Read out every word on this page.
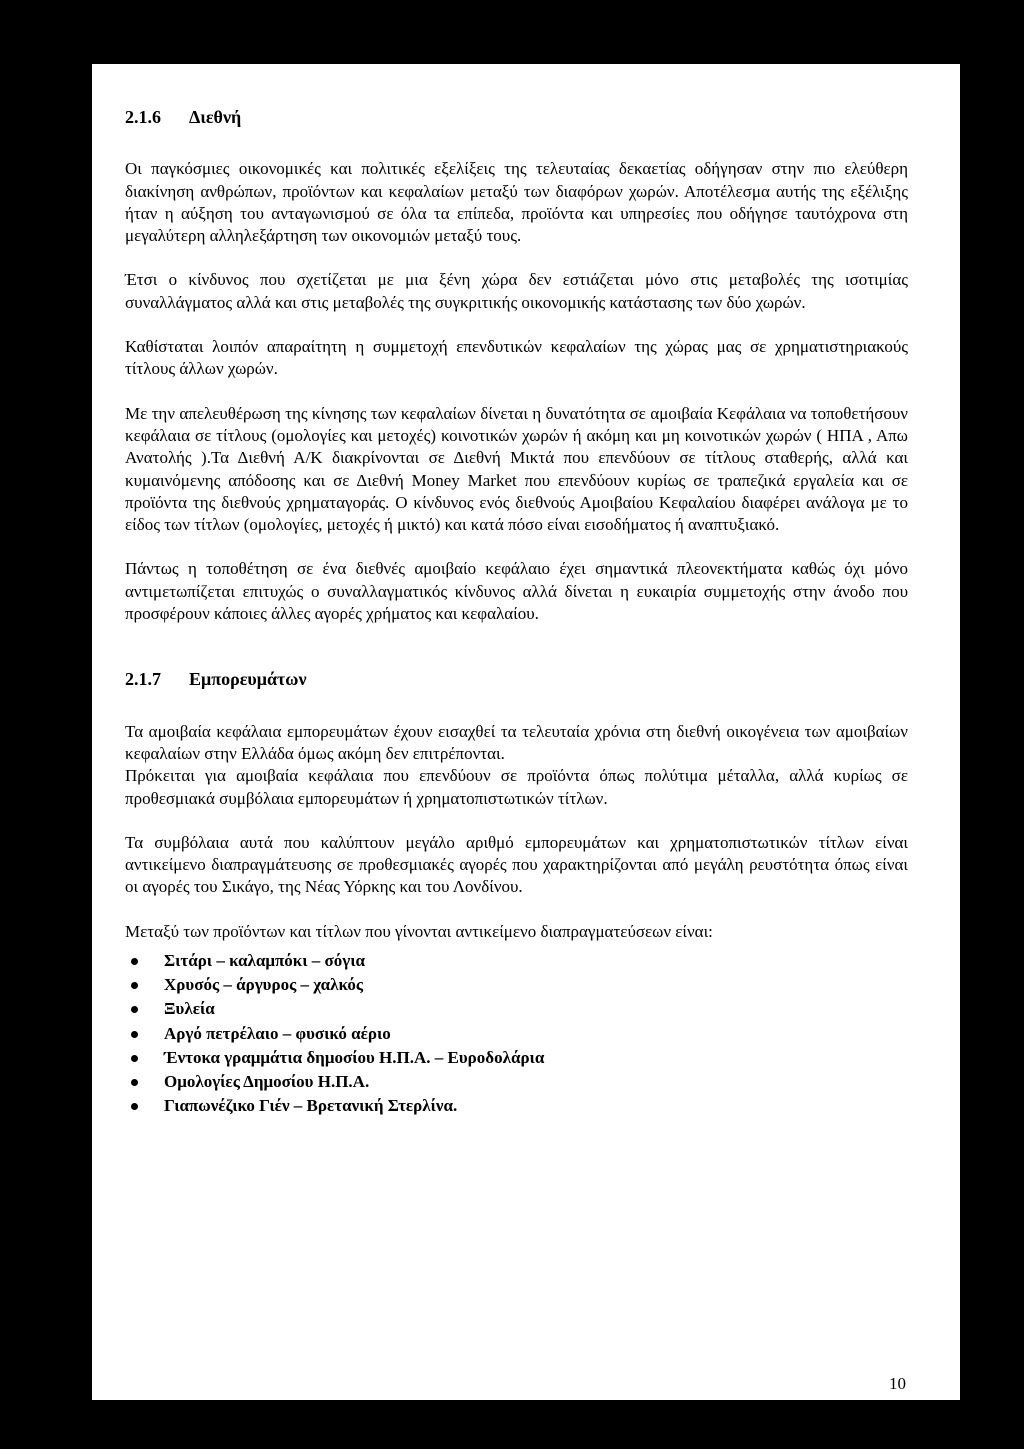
2.1.6	Διεθνή

Οι παγκόσμιες οικονομικές και πολιτικές εξελίξεις της τελευταίας δεκαετίας οδήγησαν στην πιο ελεύθερη διακίνηση ανθρώπων, προϊόντων και κεφαλαίων μεταξύ των διαφόρων χωρών. Αποτέλεσμα αυτής της εξέλιξης ήταν η αύξηση του ανταγωνισμού σε όλα τα επίπεδα, προϊόντα και υπηρεσίες που οδήγησε ταυτόχρονα στη μεγαλύτερη αλληλεξάρτηση των οικονομιών μεταξύ τους.

Έτσι ο κίνδυνος που σχετίζεται με μια ξένη χώρα δεν εστιάζεται μόνο στις μεταβολές της ισοτιμίας συναλλάγματος αλλά και στις μεταβολές της συγκριτικής οικονομικής κατάστασης των δύο χωρών.

Καθίσταται λοιπόν απαραίτητη η συμμετοχή επενδυτικών κεφαλαίων της χώρας μας σε χρηματιστηριακούς τίτλους άλλων χωρών.

Με την απελευθέρωση της κίνησης των κεφαλαίων δίνεται η δυνατότητα σε αμοιβαία Κεφάλαια να τοποθετήσουν κεφάλαια σε τίτλους (ομολογίες και μετοχές) κοινοτικών χωρών ή ακόμη και μη κοινοτικών χωρών ( ΗΠΑ , Απω Ανατολής ).Τα Διεθνή Α/Κ διακρίνονται σε Διεθνή Μικτά που επενδύουν σε τίτλους σταθερής, αλλά και κυμαινόμενης απόδοσης και σε Διεθνή Money Market που επενδύουν κυρίως σε τραπεζικά εργαλεία και σε προϊόντα της διεθνούς χρηματαγοράς. Ο κίνδυνος ενός διεθνούς Αμοιβαίου Κεφαλαίου διαφέρει ανάλογα με το είδος των τίτλων (ομολογίες, μετοχές ή μικτό) και κατά πόσο είναι εισοδήματος ή αναπτυξιακό.

Πάντως η τοποθέτηση σε ένα διεθνές αμοιβαίο κεφάλαιο έχει σημαντικά πλεονεκτήματα καθώς όχι μόνο αντιμετωπίζεται επιτυχώς ο συναλλαγματικός κίνδυνος αλλά δίνεται η ευκαιρία συμμετοχής στην άνοδο που προσφέρουν κάποιες άλλες αγορές χρήματος και κεφαλαίου.

2.1.7	Εμπορευμάτων

Τα αμοιβαία κεφάλαια εμπορευμάτων έχουν εισαχθεί τα τελευταία χρόνια στη διεθνή οικογένεια των αμοιβαίων κεφαλαίων στην Ελλάδα όμως ακόμη δεν επιτρέπονται.

Πρόκειται για αμοιβαία κεφάλαια που επενδύουν σε προϊόντα όπως πολύτιμα μέταλλα, αλλά κυρίως σε προθεσμιακά συμβόλαια εμπορευμάτων ή χρηματοπιστωτικών τίτλων.

Τα συμβόλαια αυτά που καλύπτουν μεγάλο αριθμό εμπορευμάτων και χρηματοπιστωτικών τίτλων είναι αντικείμενο διαπραγμάτευσης σε προθεσμιακές αγορές που χαρακτηρίζονται από μεγάλη ρευστότητα όπως είναι οι αγορές του Σικάγο, της Νέας Υόρκης και του Λονδίνου.

Μεταξύ των προϊόντων και τίτλων που γίνονται αντικείμενο διαπραγματεύσεων είναι:

Σιτάρι – καλαμπόκι – σόγια
Χρυσός – άργυρος – χαλκός
Ξυλεία
Αργό πετρέλαιο – φυσικό αέριο
Έντοκα γραμμάτια δημοσίου Η.Π.Α. – Ευροδολάρια
Ομολογίες Δημοσίου Η.Π.Α.
Γιαπωνέζικο Γιέν – Βρετανική Στερλίνα.
10
